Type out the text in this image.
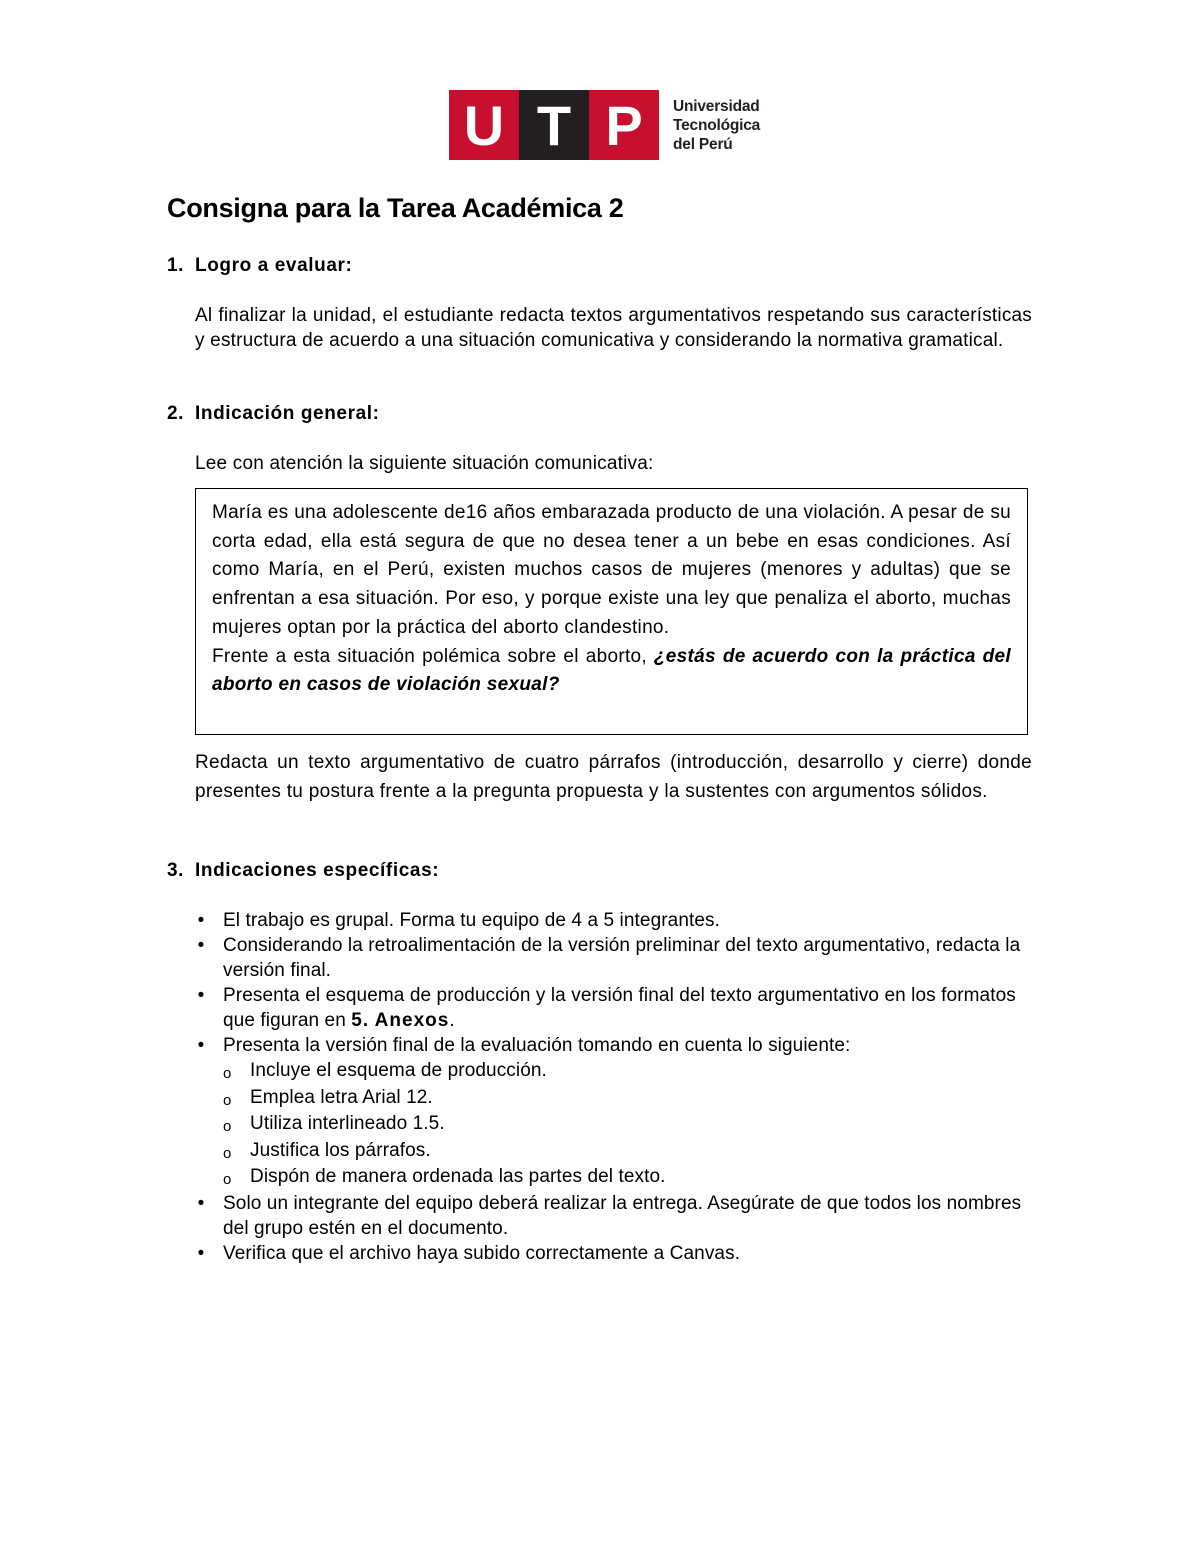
U T P	Universidad
Tecnológica
del Perú
Consigna para la Tarea Académica 2
1. Logro a evaluar:
Al finalizar la unidad, el estudiante redacta textos argumentativos respetando sus características y estructura de acuerdo a una situación comunicativa y considerando la normativa gramatical.
2. Indicación general:
Lee con atención la siguiente situación comunicativa:

María es una adolescente de16 años embarazada producto de una violación. A pesar de su corta edad, ella está segura de que no desea tener a un bebe en esas condiciones. Así como María, en el Perú, existen muchos casos de mujeres (menores y adultas) que se enfrentan a esa situación. Por eso, y porque existe una ley que penaliza el aborto, muchas mujeres optan por la práctica del aborto clandestino.

Frente a esta situación polémica sobre el aborto, ¿estás de acuerdo con la práctica del aborto en casos de violación sexual?

Redacta un texto argumentativo de cuatro párrafos (introducción, desarrollo y cierre) donde presentes tu postura frente a la pregunta propuesta y la sustentes con argumentos sólidos.
3. Indicaciones específicas:
• El trabajo es grupal. Forma tu equipo de 4 a 5 integrantes.
• Considerando la retroalimentación de la versión preliminar del texto argumentativo, redacta la versión final.
• Presenta el esquema de producción y la versión final del texto argumentativo en los formatos que figuran en 5. Anexos.
• Presenta la versión final de la evaluación tomando en cuenta lo siguiente:
o Incluye el esquema de producción.
o Emplea letra Arial 12.
o Utiliza interlineado 1.5.
o Justifica los párrafos.
o Dispón de manera ordenada las partes del texto.
• Solo un integrante del equipo deberá realizar la entrega. Asegúrate de que todos los nombres del grupo estén en el documento.
• Verifica que el archivo haya subido correctamente a Canvas.
